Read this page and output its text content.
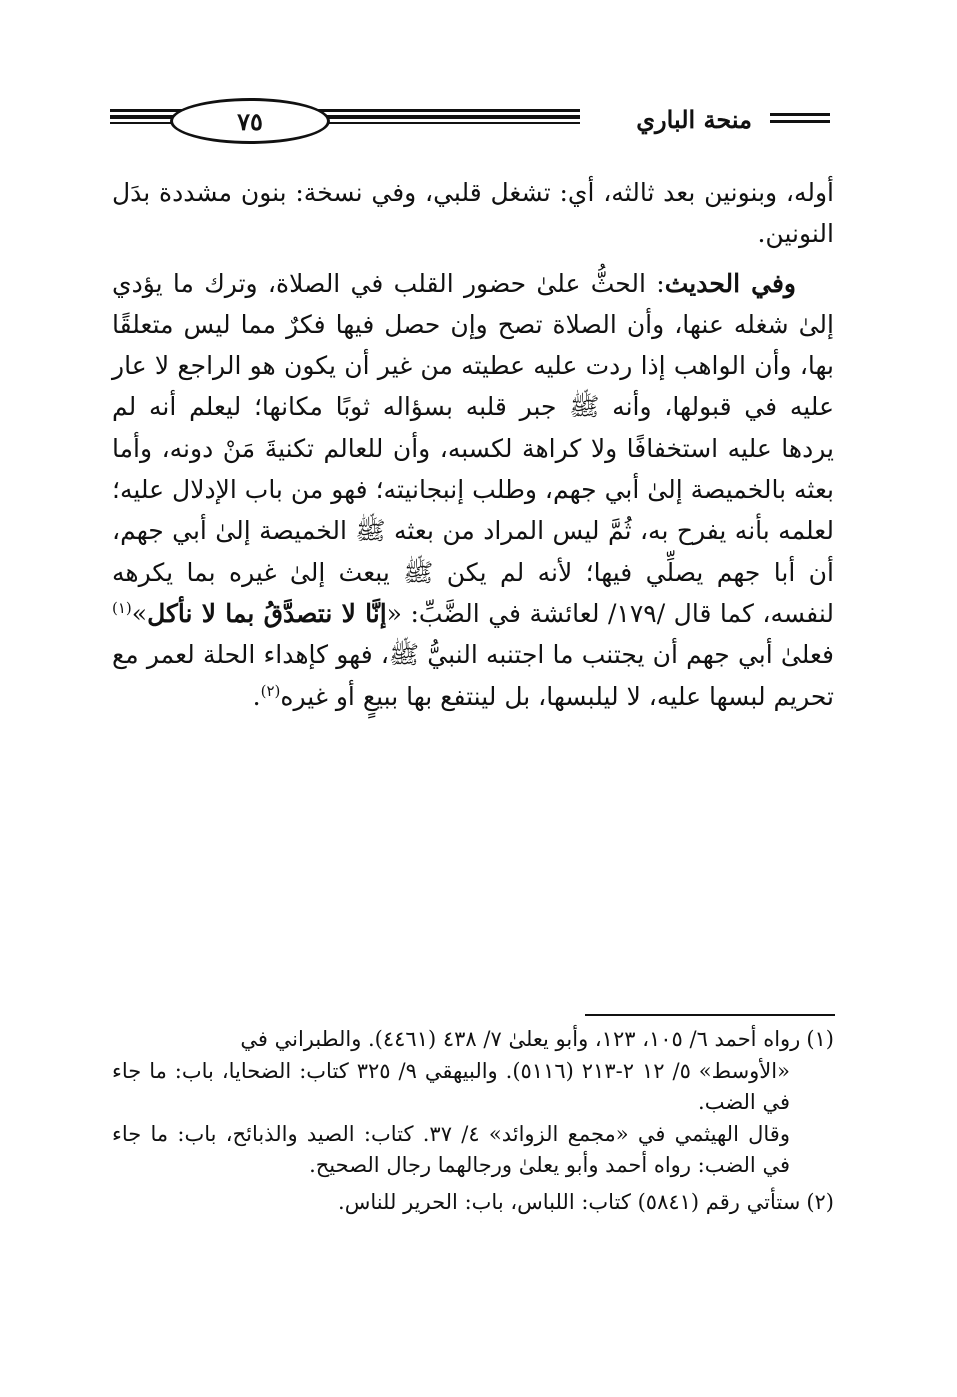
منحة الباري
٧٥

أوله، وبنونين بعد ثالثه، أي: تشغل قلبي، وفي نسخة: بنون مشددة بدَل النونين.

وفي الحديث: الحثُّ علىٰ حضور القلب في الصلاة، وترك ما يؤدي إلىٰ شغله عنها، وأن الصلاة تصح وإن حصل فيها فكرٌ مما ليس متعلقًا بها، وأن الواهب إذا ردت عليه عطيته من غير أن يكون هو الراجع لا عار عليه في قبولها، وأنه ﷺ جبر قلبه بسؤاله ثوبًا مكانها؛ ليعلم أنه لم يردها عليه استخفافًا ولا كراهة لكسبه، وأن للعالم تكنيةَ مَنْ دونه، وأما بعثه بالخميصة إلىٰ أبي جهم، وطلب إنبجانيته؛ فهو من باب الإدلال عليه؛ لعلمه بأنه يفرح به، ثُمَّ ليس المراد من بعثه ﷺ الخميصة إلىٰ أبي جهم، أن أبا جهم يصلِّي فيها؛ لأنه لم يكن ﷺ يبعث إلىٰ غيره بما يكرهه لنفسه، كما قال /١٧٩/ لعائشة في الضَّبِّ: «إنَّا لا نتصدَّقُ بما لا نأكل»$^{(١)}$ فعلىٰ أبي جهم أن يجتنب ما اجتنبه النبيُّ ﷺ، فهو كإهداء الحلة لعمر مع تحريم لبسها عليه، لا ليلبسها، بل لينتفع بها ببيعٍ أو غيره$^{(٢)}$.

(١)رواه أحمد ٦/ ١٠٥، ١٢٣، وأبو يعلىٰ ٧/ ٤٣٨ (٤٤٦١). والطبراني في
«الأوسط» ٥/ ١٢ ٢-٢١٣ (٥١١٦). والبيهقي ٩/ ٣٢٥ كتاب: الضحايا، باب: ما جاء في الضب.
وقال الهيثمي في «مجمع الزوائد» ٤/ ٣٧. كتاب: الصيد والذبائح، باب: ما جاء في الضب: رواه أحمد وأبو يعلىٰ ورجالهما رجال الصحيح.

(٢)ستأتي رقم (٥٨٤١) كتاب: اللباس، باب: الحرير للناس.
